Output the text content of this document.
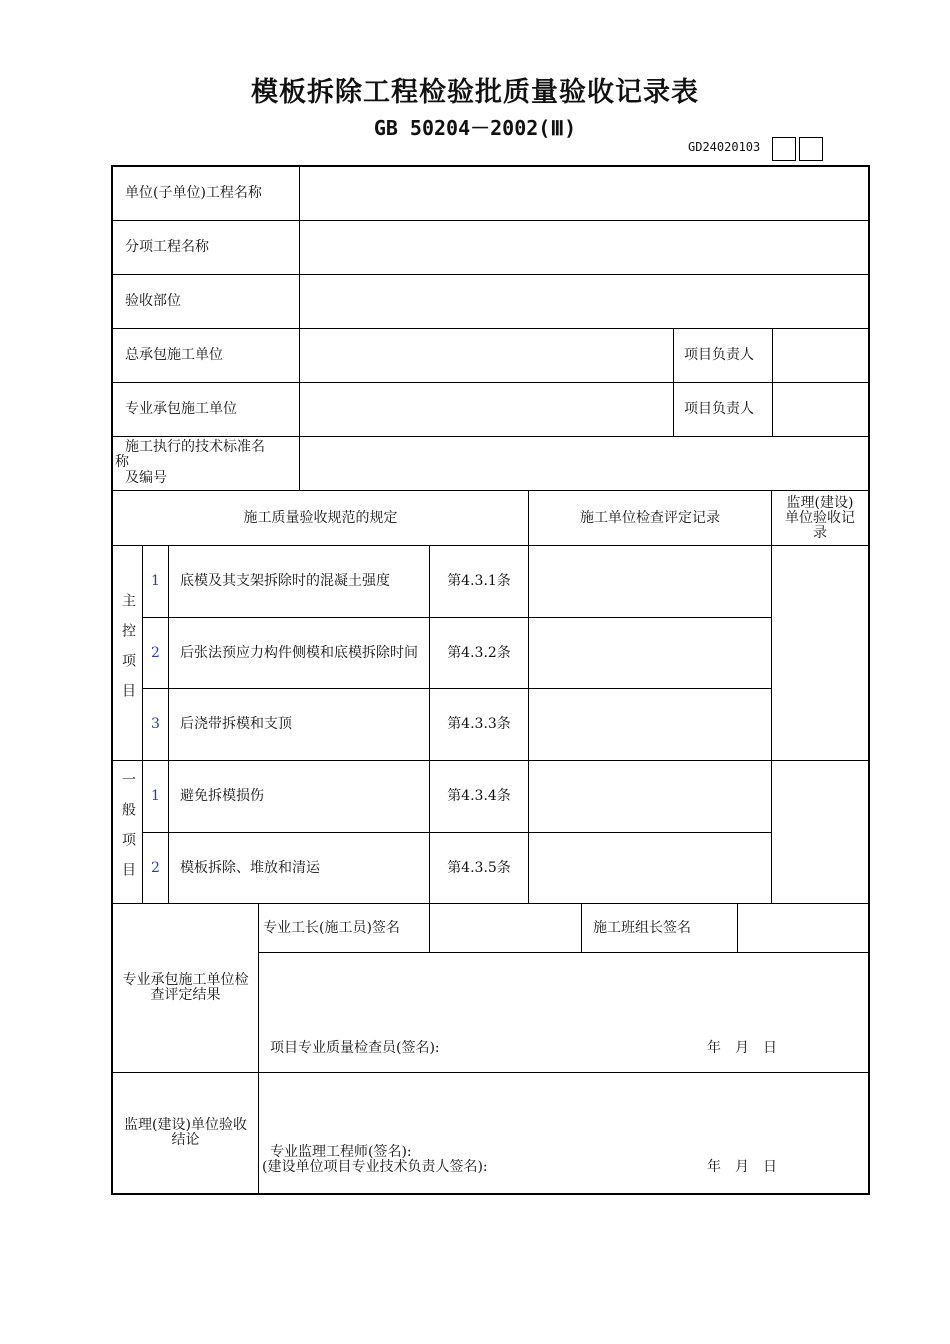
模板拆除工程检验批质量验收记录表
GB 50204－2002(Ⅲ)
GD24020103
单位(子单位)工程名称
分项工程名称
验收部位
总承包施工单位	项目负责人
专业承包施工单位	项目负责人
施工执行的技术标准名
称
及编号
施工质量验收规范的规定	施工单位检查评定记录
监理(建设)单位验收记录
主控项目
1	底模及其支架拆除时的混凝土强度	第4.3.1条
2	后张法预应力构件侧模和底模拆除时间	第4.3.2条
3	后浇带拆模和支顶	第4.3.3条
一般项目	1	避免拆模损伤	第4.3.4条
2	模板拆除、堆放和清运	第4.3.5条
专业承包施工单位检查评定结果
专业工长(施工员)签名	施工班组长签名
项目专业质量检查员(签名):	年　月　日
监理(建设)单位验收结论
专业监理工程师(签名):
(建设单位项目专业技术负责人签名):	年　月　日
